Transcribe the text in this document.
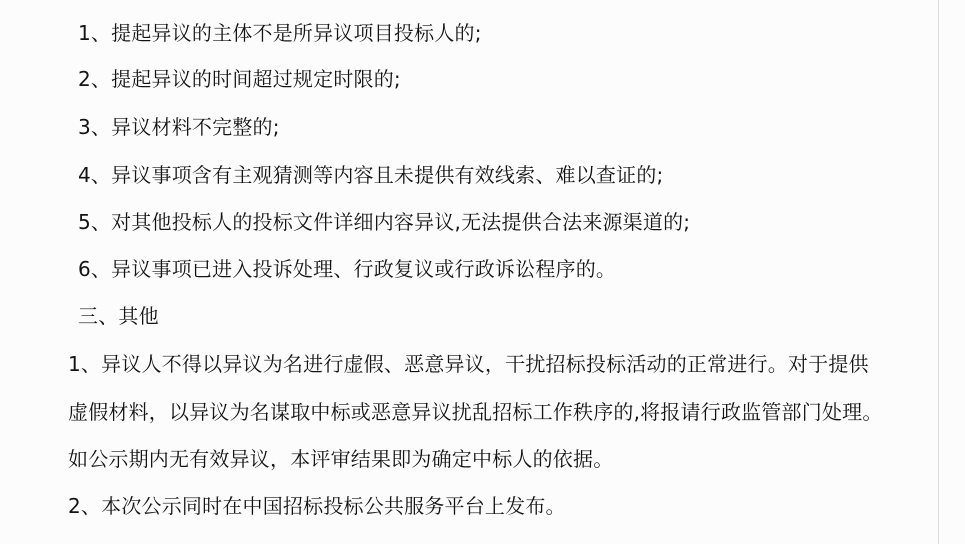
1、提起异议的主体不是所异议项目投标人的;
2、提起异议的时间超过规定时限的;
3、异议材料不完整的;
4、异议事项含有主观猜测等内容且未提供有效线索、难以查证的;
5、对其他投标人的投标文件详细内容异议,无法提供合法来源渠道的;
6、异议事项已进入投诉处理、行政复议或行政诉讼程序的。
三、其他
1、异议人不得以异议为名进行虚假、恶意异议，干扰招标投标活动的正常进行。对于提供
虚假材料，以异议为名谋取中标或恶意异议扰乱招标工作秩序的,将报请行政监管部门处理。
如公示期内无有效异议，本评审结果即为确定中标人的依据。
2、本次公示同时在中国招标投标公共服务平台上发布。
